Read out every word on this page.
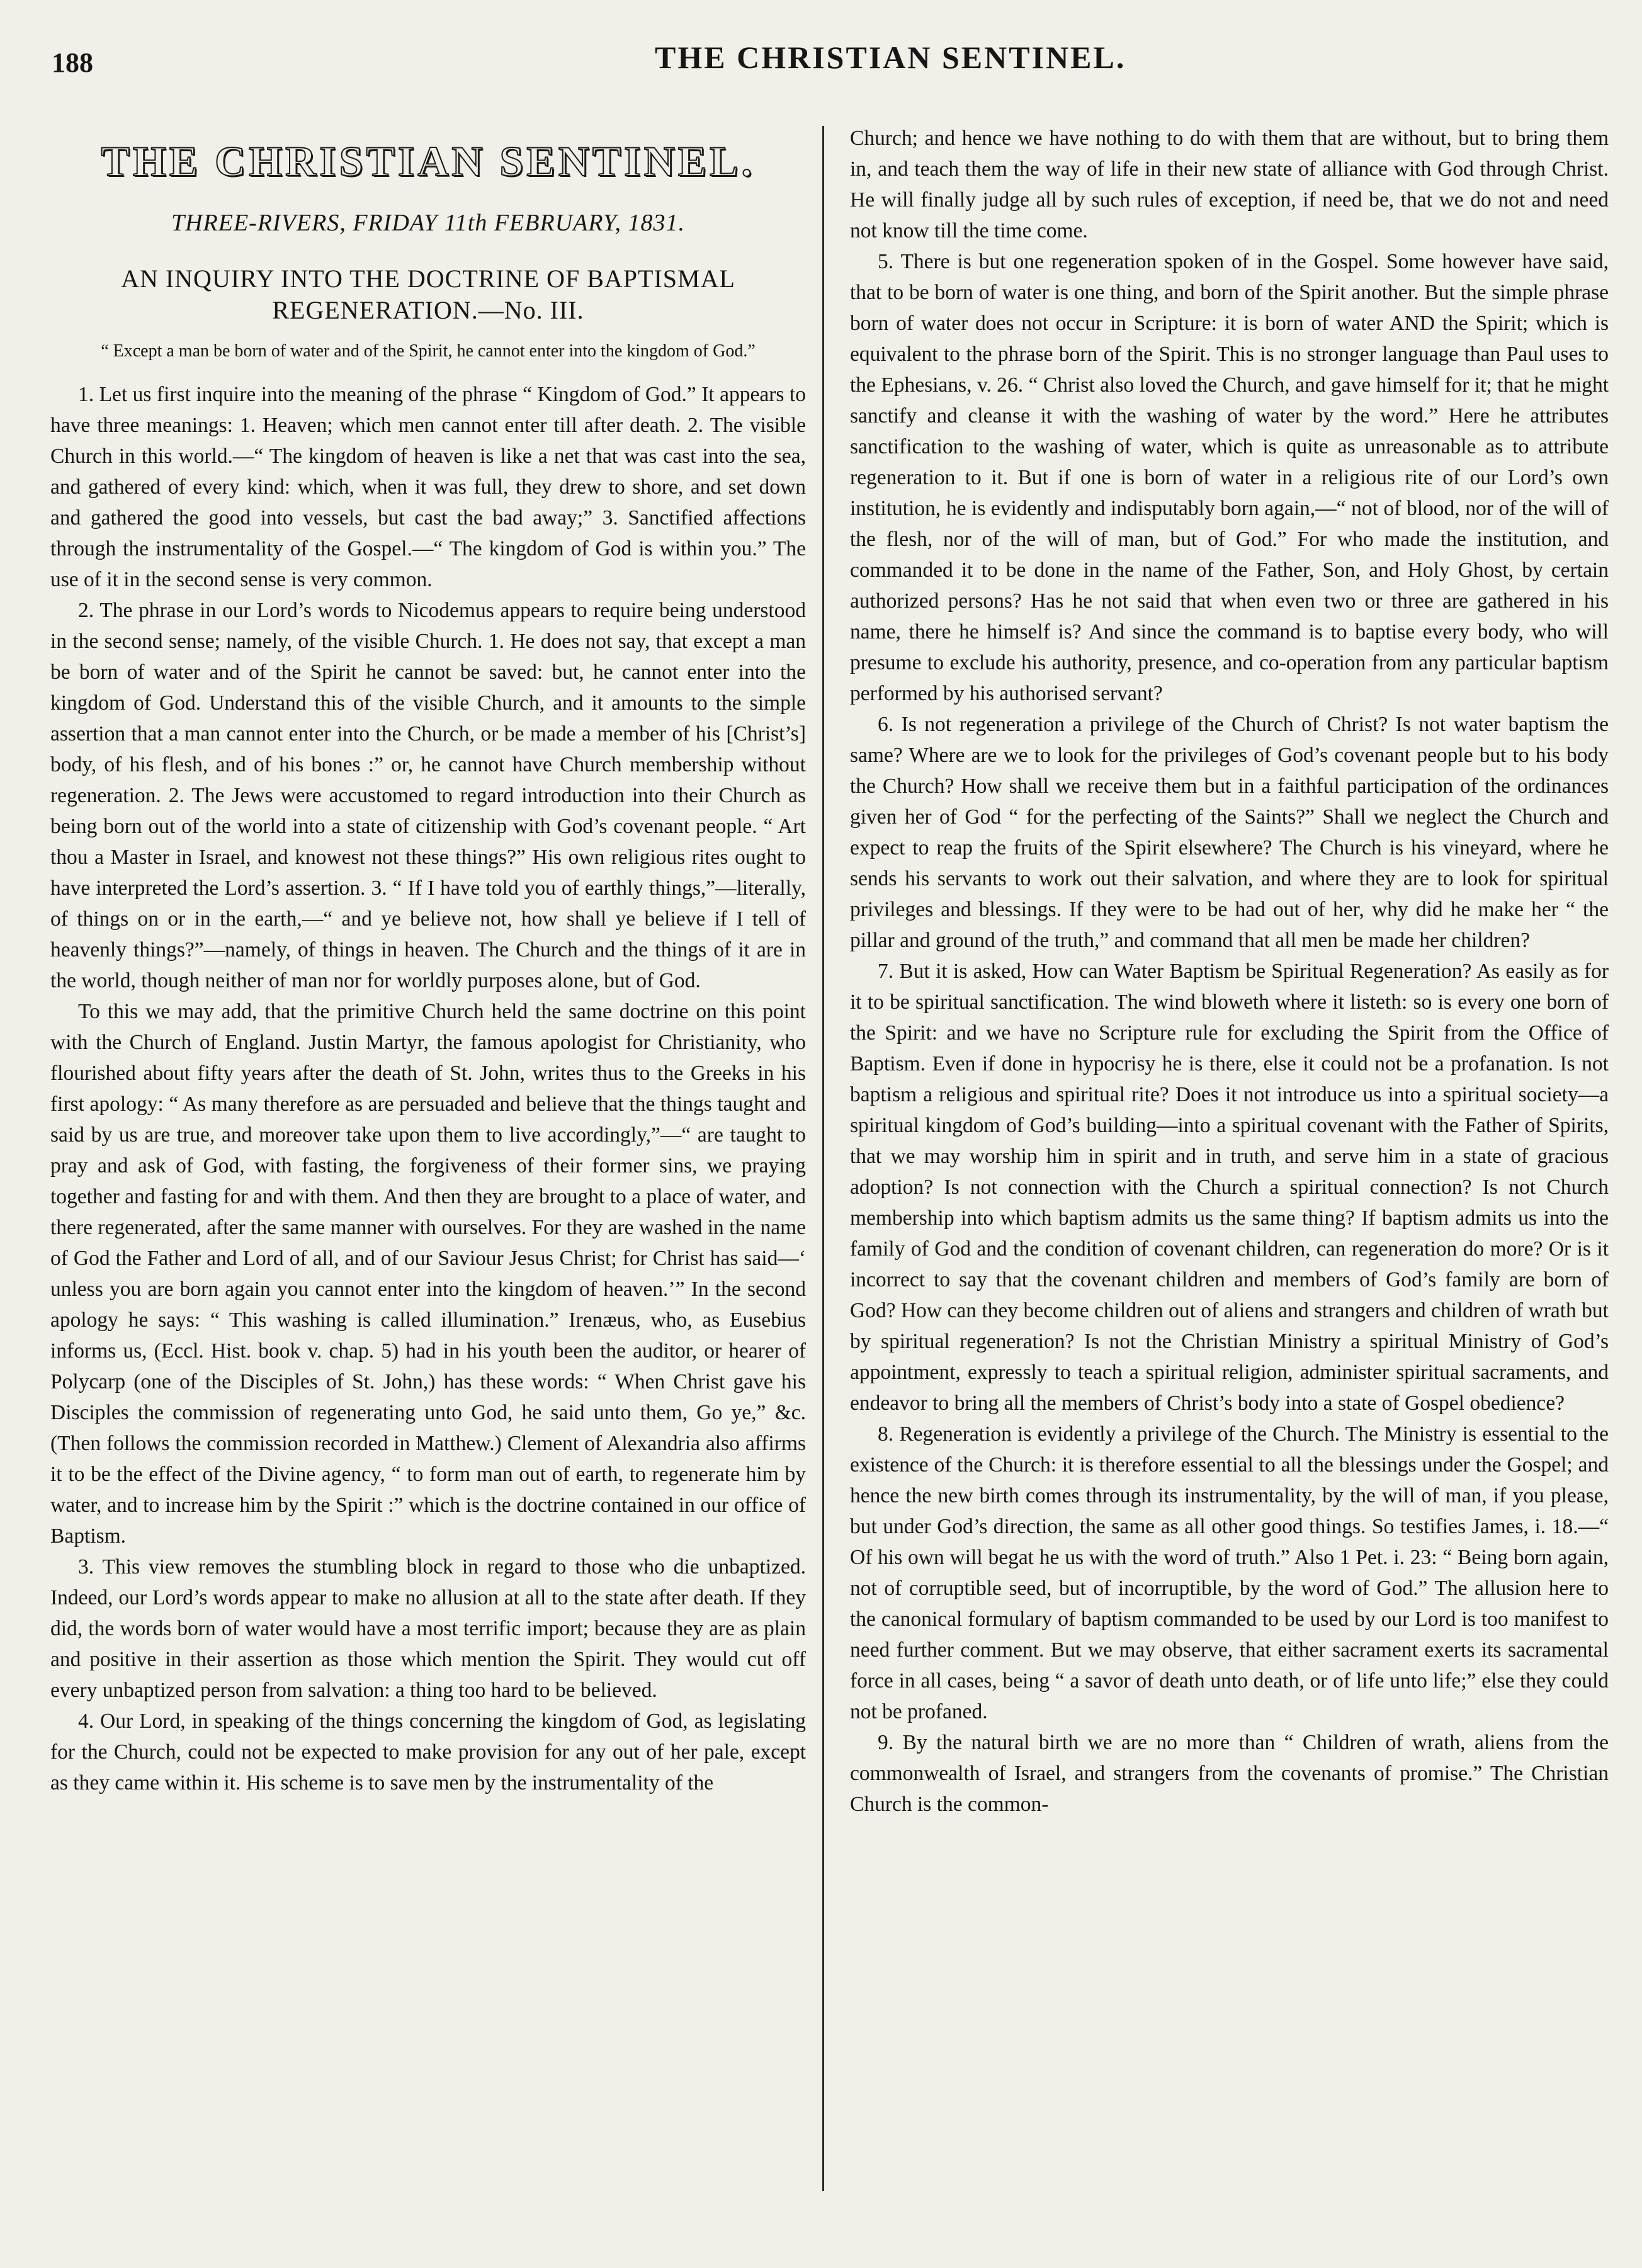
188	THE CHRISTIAN SENTINEL.
THE CHRISTIAN SENTINEL.
THREE-RIVERS, FRIDAY 11th FEBRUARY, 1831.
AN INQUIRY INTO THE DOCTRINE OF BAPTISMAL REGENERATION.—No. III.
“ Except a man be born of water and of the Spirit, he cannot enter into the kingdom of God.”

1. Let us first inquire into the meaning of the phrase “ Kingdom of God.” It appears to have three meanings: 1. Heaven; which men cannot enter till after death. 2. The visible Church in this world.—“ The kingdom of heaven is like a net that was cast into the sea, and gathered of every kind: which, when it was full, they drew to shore, and set down and gathered the good into vessels, but cast the bad away;” 3. Sanctified affections through the instrumentality of the Gospel.—“ The kingdom of God is within you.” The use of it in the second sense is very common.

2. The phrase in our Lord’s words to Nicodemus appears to require being understood in the second sense; namely, of the visible Church. 1. He does not say, that except a man be born of water and of the Spirit he cannot be saved: but, he cannot enter into the kingdom of God. Understand this of the visible Church, and it amounts to the simple assertion that a man cannot enter into the Church, or be made a member of his [Christ’s] body, of his flesh, and of his bones :” or, he cannot have Church membership without regeneration. 2. The Jews were accustomed to regard introduction into their Church as being born out of the world into a state of citizenship with God’s covenant people. “ Art thou a Master in Israel, and knowest not these things?” His own religious rites ought to have interpreted the Lord’s assertion. 3. “ If I have told you of earthly things,”—literally, of things on or in the earth,—“ and ye believe not, how shall ye believe if I tell of heavenly things?”—namely, of things in heaven. The Church and the things of it are in the world, though neither of man nor for worldly purposes alone, but of God.

To this we may add, that the primitive Church held the same doctrine on this point with the Church of England. Justin Martyr, the famous apologist for Christianity, who flourished about fifty years after the death of St. John, writes thus to the Greeks in his first apology: “ As many therefore as are persuaded and believe that the things taught and said by us are true, and moreover take upon them to live accordingly,”—“ are taught to pray and ask of God, with fasting, the forgiveness of their former sins, we praying together and fasting for and with them. And then they are brought to a place of water, and there regenerated, after the same manner with ourselves. For they are washed in the name of God the Father and Lord of all, and of our Saviour Jesus Christ; for Christ has said—‘ unless you are born again you cannot enter into the kingdom of heaven.’” In the second apology he says: “ This washing is called illumination.” Irenæus, who, as Eusebius informs us, (Eccl. Hist. book v. chap. 5) had in his youth been the auditor, or hearer of Polycarp (one of the Disciples of St. John,) has these words: “ When Christ gave his Disciples the commission of regenerating unto God, he said unto them, Go ye,” &c. (Then follows the commission recorded in Matthew.) Clement of Alexandria also affirms it to be the effect of the Divine agency, “ to form man out of earth, to regenerate him by water, and to increase him by the Spirit :” which is the doctrine contained in our office of Baptism.

3. This view removes the stumbling block in regard to those who die unbaptized. Indeed, our Lord’s words appear to make no allusion at all to the state after death. If they did, the words born of water would have a most terrific import; because they are as plain and positive in their assertion as those which mention the Spirit. They would cut off every unbaptized person from salvation: a thing too hard to be believed.

4. Our Lord, in speaking of the things concerning the kingdom of God, as legislating for the Church, could not be expected to make provision for any out of her pale, except as they came within it. His scheme is to save men by the instrumentality of the

Church; and hence we have nothing to do with them that are without, but to bring them in, and teach them the way of life in their new state of alliance with God through Christ. He will finally judge all by such rules of exception, if need be, that we do not and need not know till the time come.

5. There is but one regeneration spoken of in the Gospel. Some however have said, that to be born of water is one thing, and born of the Spirit another. But the simple phrase born of water does not occur in Scripture: it is born of water AND the Spirit; which is equivalent to the phrase born of the Spirit. This is no stronger language than Paul uses to the Ephesians, v. 26. “ Christ also loved the Church, and gave himself for it; that he might sanctify and cleanse it with the washing of water by the word.” Here he attributes sanctification to the washing of water, which is quite as unreasonable as to attribute regeneration to it. But if one is born of water in a religious rite of our Lord’s own institution, he is evidently and indisputably born again,—“ not of blood, nor of the will of the flesh, nor of the will of man, but of God.” For who made the institution, and commanded it to be done in the name of the Father, Son, and Holy Ghost, by certain authorized persons? Has he not said that when even two or three are gathered in his name, there he himself is? And since the command is to baptise every body, who will presume to exclude his authority, presence, and co-operation from any particular baptism performed by his authorised servant?

6. Is not regeneration a privilege of the Church of Christ? Is not water baptism the same? Where are we to look for the privileges of God’s covenant people but to his body the Church? How shall we receive them but in a faithful participation of the ordinances given her of God “ for the perfecting of the Saints?” Shall we neglect the Church and expect to reap the fruits of the Spirit elsewhere? The Church is his vineyard, where he sends his servants to work out their salvation, and where they are to look for spiritual privileges and blessings. If they were to be had out of her, why did he make her “ the pillar and ground of the truth,” and command that all men be made her children?

7. But it is asked, How can Water Baptism be Spiritual Regeneration? As easily as for it to be spiritual sanctification. The wind bloweth where it listeth: so is every one born of the Spirit: and we have no Scripture rule for excluding the Spirit from the Office of Baptism. Even if done in hypocrisy he is there, else it could not be a profanation. Is not baptism a religious and spiritual rite? Does it not introduce us into a spiritual society—a spiritual kingdom of God’s building—into a spiritual covenant with the Father of Spirits, that we may worship him in spirit and in truth, and serve him in a state of gracious adoption? Is not connection with the Church a spiritual connection? Is not Church membership into which baptism admits us the same thing? If baptism admits us into the family of God and the condition of covenant children, can regeneration do more? Or is it incorrect to say that the covenant children and members of God’s family are born of God? How can they become children out of aliens and strangers and children of wrath but by spiritual regeneration? Is not the Christian Ministry a spiritual Ministry of God’s appointment, expressly to teach a spiritual religion, administer spiritual sacraments, and endeavor to bring all the members of Christ’s body into a state of Gospel obedience?

8. Regeneration is evidently a privilege of the Church. The Ministry is essential to the existence of the Church: it is therefore essential to all the blessings under the Gospel; and hence the new birth comes through its instrumentality, by the will of man, if you please, but under God’s direction, the same as all other good things. So testifies James, i. 18.—“ Of his own will begat he us with the word of truth.” Also 1 Pet. i. 23: “ Being born again, not of corruptible seed, but of incorruptible, by the word of God.” The allusion here to the canonical formulary of baptism commanded to be used by our Lord is too manifest to need further comment. But we may observe, that either sacrament exerts its sacramental force in all cases, being “ a savor of death unto death, or of life unto life;” else they could not be profaned.

9. By the natural birth we are no more than “ Children of wrath, aliens from the commonwealth of Israel, and strangers from the covenants of promise.” The Christian Church is the common-
